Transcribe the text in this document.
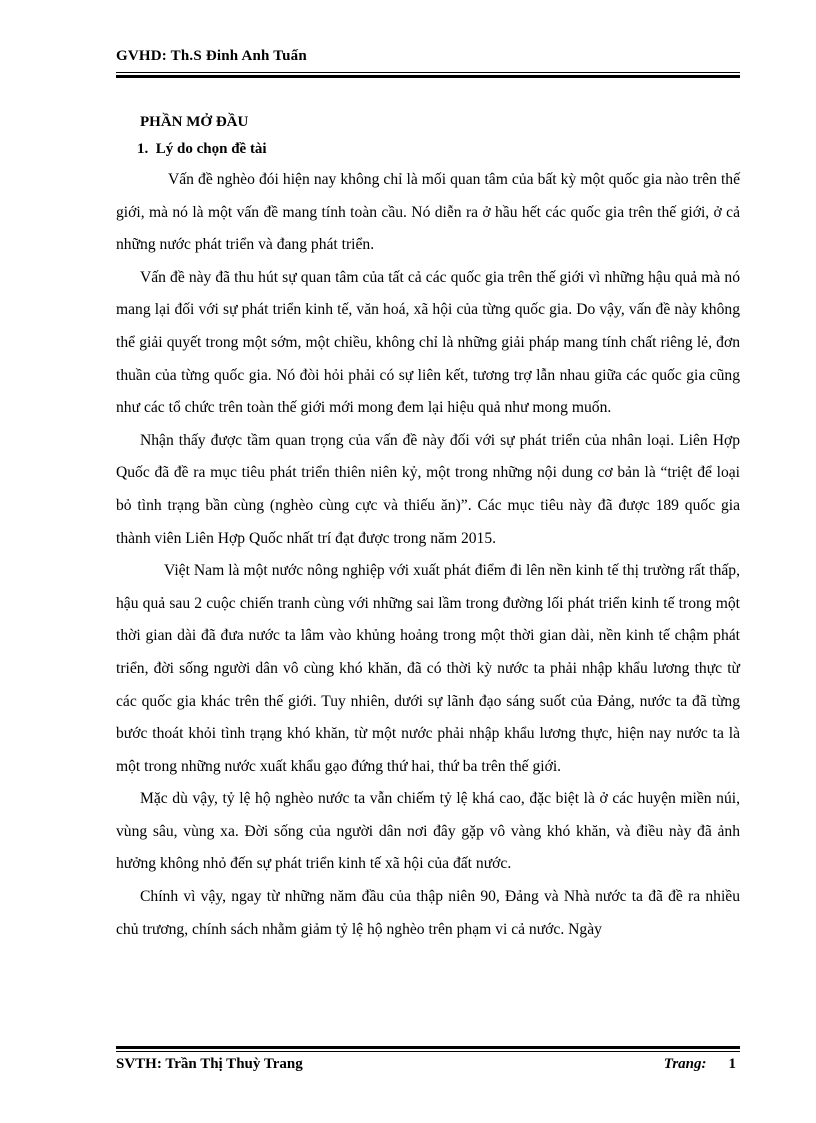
GVHD: Th.S Đinh Anh Tuấn
PHẦN MỞ ĐẦU
1. Lý do chọn đề tài

Vấn đề nghèo đói hiện nay không chỉ là mối quan tâm của bất kỳ một quốc gia nào trên thế giới, mà nó là một vấn đề mang tính toàn cầu. Nó diễn ra ở hầu hết các quốc gia trên thế giới, ở cả những nước phát triển và đang phát triển.

Vấn đề này đã thu hút sự quan tâm của tất cả các quốc gia trên thế giới vì những hậu quả mà nó mang lại đối với sự phát triển kinh tế, văn hoá, xã hội của từng quốc gia. Do vậy, vấn đề này không thể giải quyết trong một sớm, một chiều, không chỉ là những giải pháp mang tính chất riêng lẻ, đơn thuần của từng quốc gia. Nó đòi hỏi phải có sự liên kết, tương trợ lẫn nhau giữa các quốc gia cũng như các tổ chức trên toàn thế giới mới mong đem lại hiệu quả như mong muốn.

Nhận thấy được tầm quan trọng của vấn đề này đối với sự phát triển của nhân loại. Liên Hợp Quốc đã đề ra mục tiêu phát triển thiên niên kỷ, một trong những nội dung cơ bản là “triệt để loại bỏ tình trạng bần cùng (nghèo cùng cực và thiếu ăn)”. Các mục tiêu này đã được 189 quốc gia thành viên Liên Hợp Quốc nhất trí đạt được trong năm 2015.

Việt Nam là một nước nông nghiệp với xuất phát điểm đi lên nền kinh tế thị trường rất thấp, hậu quả sau 2 cuộc chiến tranh cùng với những sai lầm trong đường lối phát triển kinh tế trong một thời gian dài đã đưa nước ta lâm vào khủng hoảng trong một thời gian dài, nền kinh tế chậm phát triển, đời sống người dân vô cùng khó khăn, đã có thời kỳ nước ta phải nhập khẩu lương thực từ các quốc gia khác trên thế giới. Tuy nhiên, dưới sự lãnh đạo sáng suốt của Đảng, nước ta đã từng bước thoát khỏi tình trạng khó khăn, từ một nước phải nhập khẩu lương thực, hiện nay nước ta là một trong những nước xuất khẩu gạo đứng thứ hai, thứ ba trên thế giới.

Mặc dù vậy, tỷ lệ hộ nghèo nước ta vẫn chiếm tỷ lệ khá cao, đặc biệt là ở các huyện miền núi, vùng sâu, vùng xa. Đời sống của người dân nơi đây gặp vô vàng khó khăn, và điều này đã ảnh hưởng không nhỏ đến sự phát triển kinh tế xã hội của đất nước.

Chính vì vậy, ngay từ những năm đầu của thập niên 90, Đảng và Nhà nước ta đã đề ra nhiều chủ trương, chính sách nhằm giảm tỷ lệ hộ nghèo trên phạm vi cả nước. Ngày

SVTH: Trần Thị Thuỳ Trang	Trang: 1
